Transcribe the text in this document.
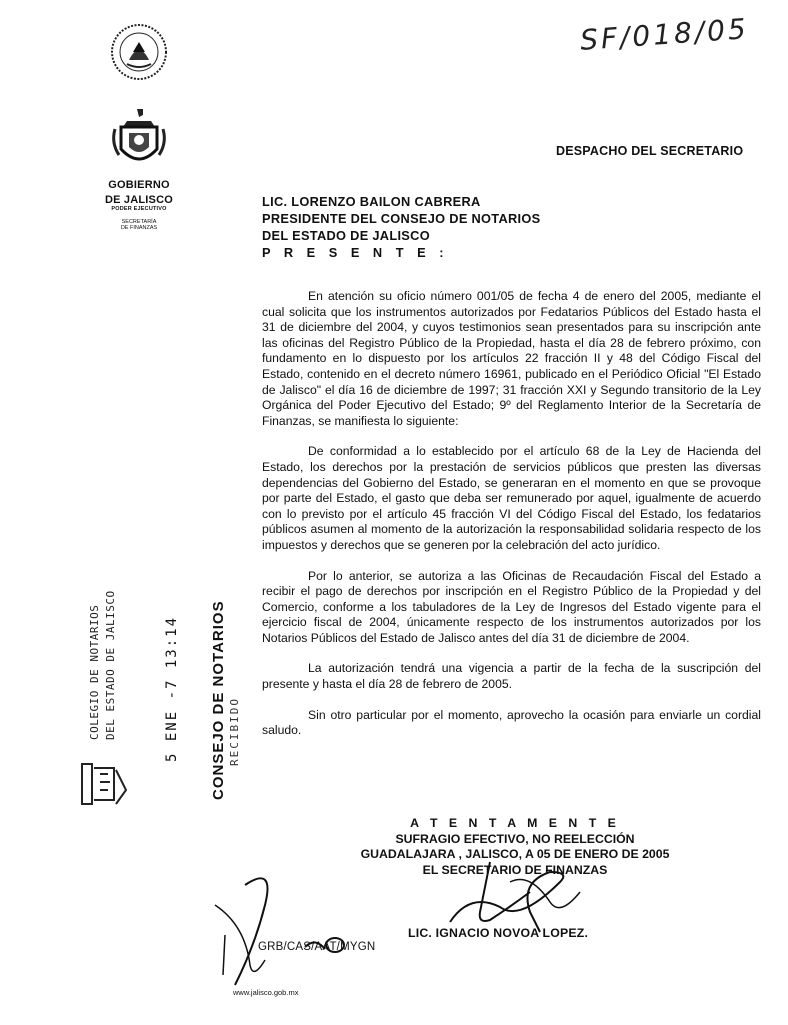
SF/018/05

GOBIERNO
DE JALISCO
PODER EJECUTIVO
SECRETARÍA
DE FINANZAS
DESPACHO DEL SECRETARIO
LIC. LORENZO BAILON CABRERA
PRESIDENTE DEL CONSEJO DE NOTARIOS
DEL ESTADO DE JALISCO
P R E S E N T E :

En atención su oficio número 001/05 de fecha 4 de enero del 2005, mediante el cual solicita que los instrumentos autorizados por Fedatarios Públicos del Estado hasta el 31 de diciembre del 2004, y cuyos testimonios sean presentados para su inscripción ante las oficinas del Registro Público de la Propiedad, hasta el día 28 de febrero próximo, con fundamento en lo dispuesto por los artículos 22 fracción II y 48 del Código Fiscal del Estado, contenido en el decreto número 16961, publicado en el Periódico Oficial "El Estado de Jalisco" el día 16 de diciembre de 1997; 31 fracción XXI y Segundo transitorio de la Ley Orgánica del Poder Ejecutivo del Estado; 9º del Reglamento Interior de la Secretaría de Finanzas, se manifiesta lo siguiente:

De conformidad a lo establecido por el artículo 68 de la Ley de Hacienda del Estado, los derechos por la prestación de servicios públicos que presten las diversas dependencias del Gobierno del Estado, se generaran en el momento en que se provoque por parte del Estado, el gasto que deba ser remunerado por aquel, igualmente de acuerdo con lo previsto por el artículo 45 fracción VI del Código Fiscal del Estado, los fedatarios públicos asumen al momento de la autorización la responsabilidad solidaria respecto de los impuestos y derechos que se generen por la celebración del acto jurídico.

Por lo anterior, se autoriza a las Oficinas de Recaudación Fiscal del Estado a recibir el pago de derechos por inscripción en el Registro Público de la Propiedad y del Comercio, conforme a los tabuladores de la Ley de Ingresos del Estado vigente para el ejercicio fiscal de 2004, únicamente respecto de los instrumentos autorizados por los Notarios Públicos del Estado de Jalisco antes del día 31 de diciembre de 2004.

La autorización tendrá una vigencia a partir de la fecha de la suscripción del presente y hasta el día 28 de febrero de 2005.

Sin otro particular por el momento, aprovecho la ocasión para enviarle un cordial saludo.

A T E N T A M E N T E
SUFRAGIO EFECTIVO, NO REELECCIÓN
GUADALAJARA , JALISCO, A 05 DE ENERO DE 2005
EL SECRETARIO DE FINANZAS
LIC. IGNACIO NOVOA LOPEZ.
GRB/CAS/AAT/MYGN
www.jalisco.gob.mx
COLEGIO DE NOTARIOS DEL ESTADO DE JALISCO	5 ENE -7 13:14 CONSEJO DE NOTARIOS RECIBIDO
